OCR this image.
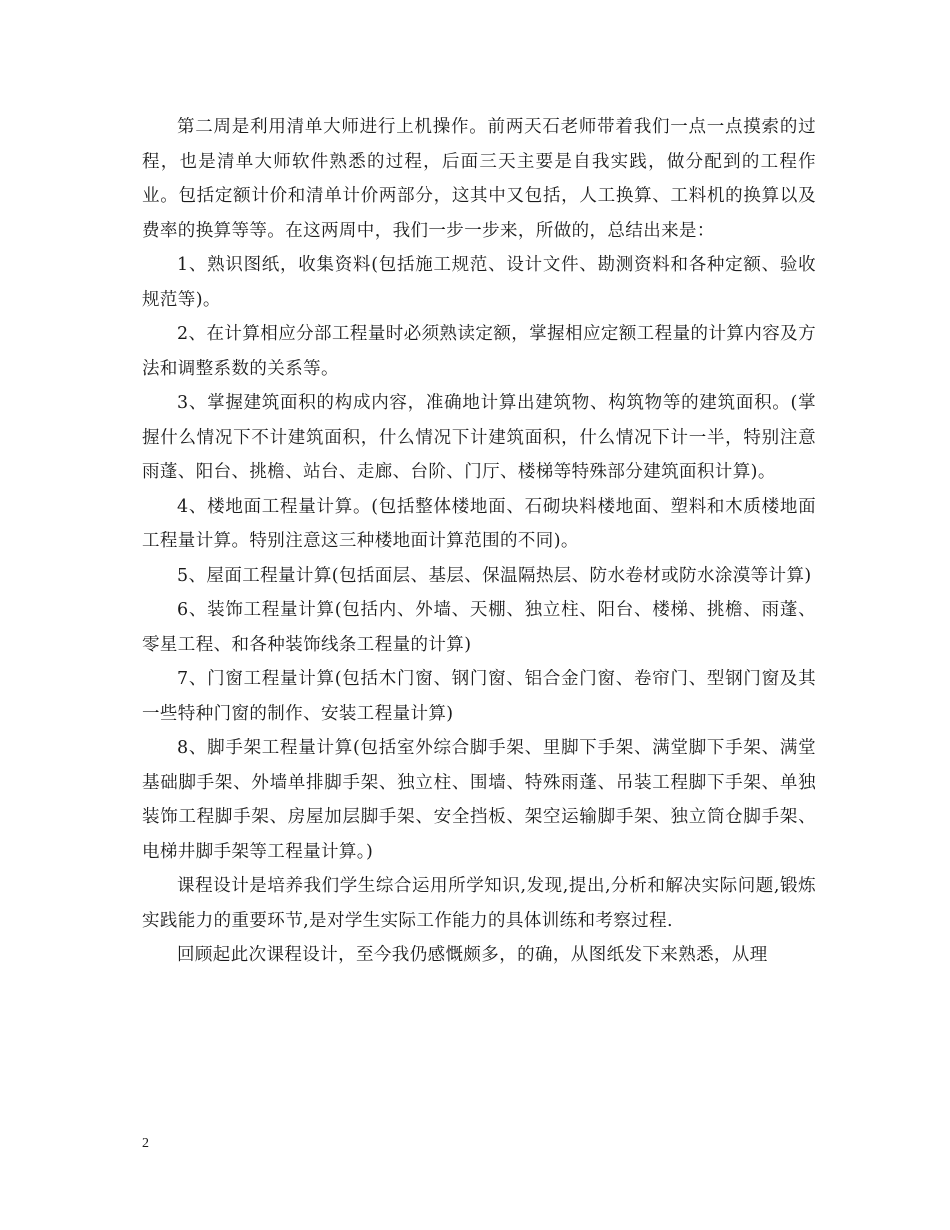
第二周是利用清单大师进行上机操作。前两天石老师带着我们一点一点摸索的过程，也是清单大师软件熟悉的过程，后面三天主要是自我实践，做分配到的工程作业。包括定额计价和清单计价两部分，这其中又包括，人工换算、工料机的换算以及费率的换算等等。在这两周中，我们一步一步来，所做的，总结出来是：

1、熟识图纸，收集资料(包括施工规范、设计文件、勘测资料和各种定额、验收规范等)。

2、在计算相应分部工程量时必须熟读定额，掌握相应定额工程量的计算内容及方法和调整系数的关系等。

3、掌握建筑面积的构成内容，准确地计算出建筑物、构筑物等的建筑面积。(掌握什么情况下不计建筑面积，什么情况下计建筑面积，什么情况下计一半，特别注意雨蓬、阳台、挑檐、站台、走廊、台阶、门厅、楼梯等特殊部分建筑面积计算)。

4、楼地面工程量计算。(包括整体楼地面、石砌块料楼地面、塑料和木质楼地面工程量计算。特别注意这三种楼地面计算范围的不同)。

5、屋面工程量计算(包括面层、基层、保温隔热层、防水卷材或防水涂漠等计算)

6、装饰工程量计算(包括内、外墙、天棚、独立柱、阳台、楼梯、挑檐、雨蓬、零星工程、和各种装饰线条工程量的计算)

7、门窗工程量计算(包括木门窗、钢门窗、铝合金门窗、卷帘门、型钢门窗及其一些特种门窗的制作、安装工程量计算)

8、脚手架工程量计算(包括室外综合脚手架、里脚下手架、满堂脚下手架、满堂基础脚手架、外墙单排脚手架、独立柱、围墙、特殊雨蓬、吊装工程脚下手架、单独装饰工程脚手架、房屋加层脚手架、安全挡板、架空运输脚手架、独立筒仓脚手架、电梯井脚手架等工程量计算。)

课程设计是培养我们学生综合运用所学知识,发现,提出,分析和解决实际问题,锻炼实践能力的重要环节,是对学生实际工作能力的具体训练和考察过程.

回顾起此次课程设计，至今我仍感慨颇多，的确，从图纸发下来熟悉，从理

2
